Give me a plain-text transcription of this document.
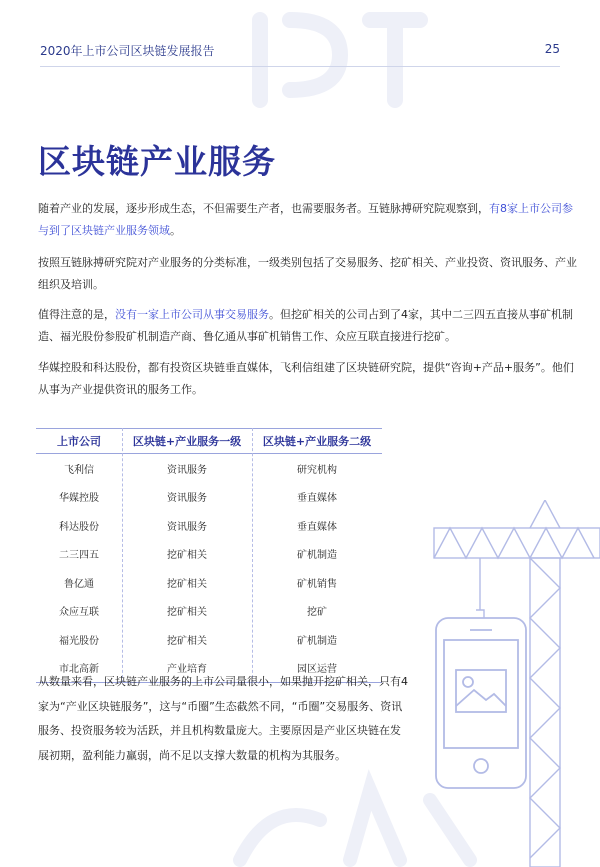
2020年上市公司区块链发展报告	25
区块链产业服务
随着产业的发展，逐步形成生态，不但需要生产者，也需要服务者。互链脉搏研究院观察到，有8家上市公司参与到了区块链产业服务领域。
按照互链脉搏研究院对产业服务的分类标准，一级类别包括了交易服务、挖矿相关、产业投资、资讯服务、产业组织及培训。
值得注意的是，没有一家上市公司从事交易服务。但挖矿相关的公司占到了4家，其中二三四五直接从事矿机制造、福光股份参股矿机制造产商、鲁亿通从事矿机销售工作、众应互联直接进行挖矿。
华媒控股和科达股份，都有投资区块链垂直媒体，飞利信组建了区块链研究院，提供“咨询+产品+服务”。他们从事为产业提供资讯的服务工作。
上市公司	区块链+产业服务一级	区块链+产业服务二级
飞利信	资讯服务	研究机构
华媒控股	资讯服务	垂直媒体
科达股份	资讯服务	垂直媒体
二三四五	挖矿相关	矿机制造
鲁亿通	挖矿相关	矿机销售
众应互联	挖矿相关	挖矿
福光股份	挖矿相关	矿机制造
市北高新	产业培育	园区运营
从数量来看，区块链产业服务的上市公司量很小，如果抛开挖矿相关，只有4家为“产业区块链服务”，这与“币圈”生态截然不同，“币圈”交易服务、资讯服务、投资服务较为活跃，并且机构数量庞大。主要原因是产业区块链在发展初期，盈利能力羸弱，尚不足以支撑大数量的机构为其服务。
